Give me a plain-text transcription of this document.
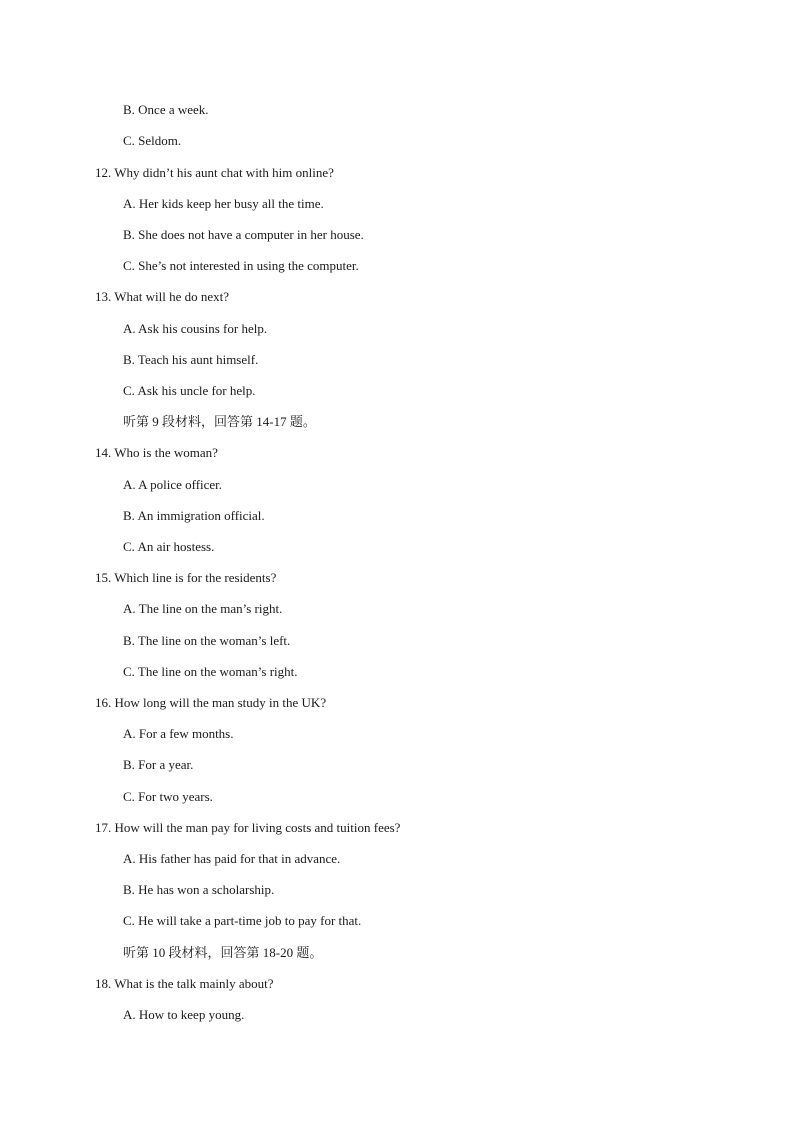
B. Once a week.
C. Seldom.
12. Why didn’t his aunt chat with him online?
A. Her kids keep her busy all the time.
B. She does not have a computer in her house.
C. She’s not interested in using the computer.
13. What will he do next?
A. Ask his cousins for help.
B. Teach his aunt himself.
C. Ask his uncle for help.
听第 9 段材料，回答第 14-17 题。
14. Who is the woman?
A. A police officer.
B. An immigration official.
C. An air hostess.
15. Which line is for the residents?
A. The line on the man’s right.
B. The line on the woman’s left.
C. The line on the woman’s right.
16. How long will the man study in the UK?
A. For a few months.
B. For a year.
C. For two years.
17. How will the man pay for living costs and tuition fees?
A. His father has paid for that in advance.
B. He has won a scholarship.
C. He will take a part-time job to pay for that.
听第 10 段材料，回答第 18-20 题。
18. What is the talk mainly about?
A. How to keep young.
